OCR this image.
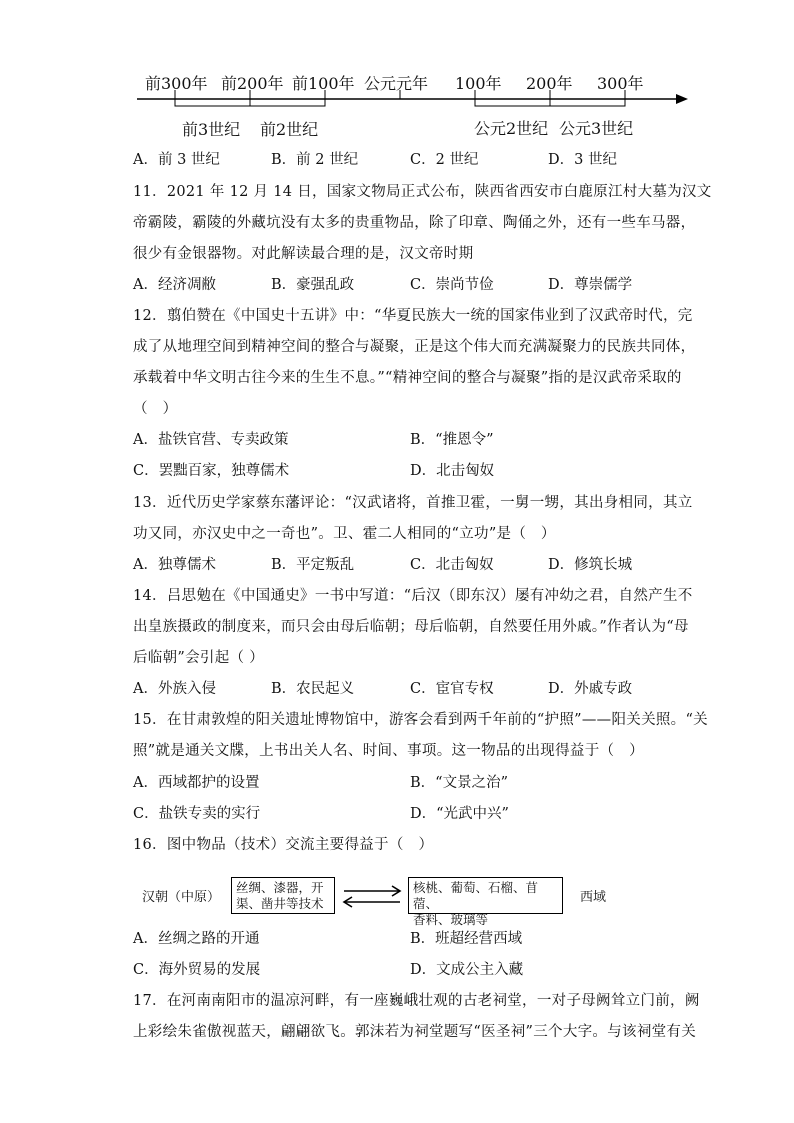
前300年 前200年 前100年 公元元年 100年 200年 300年
前3世纪 前2世纪	公元2世纪 公元3世纪
A．前 3 世纪	B．前 2 世纪	C．2 世纪	D．3 世纪
11．2021 年 12 月 14 日，国家文物局正式公布，陕西省西安市白鹿原江村大墓为汉文
帝霸陵，霸陵的外藏坑没有太多的贵重物品，除了印章、陶俑之外，还有一些车马器，
很少有金银器物。对此解读最合理的是，汉文帝时期
A．经济凋敝	B．豪强乱政	C．崇尚节俭	D．尊崇儒学
12．翦伯赞在《中国史十五讲》中：“华夏民族大一统的国家伟业到了汉武帝时代，完
成了从地理空间到精神空间的整合与凝聚，正是这个伟大而充满凝聚力的民族共同体，
承载着中华文明古往今来的生生不息。”“精神空间的整合与凝聚”指的是汉武帝采取的
（　）
A．盐铁官营、专卖政策	B．“推恩令”
C．罢黜百家，独尊儒术	D．北击匈奴
13．近代历史学家蔡东藩评论：“汉武诸将，首推卫霍，一舅一甥，其出身相同，其立
功又同，亦汉史中之一奇也”。卫、霍二人相同的“立功”是（　）
A．独尊儒术	B．平定叛乱	C．北击匈奴	D．修筑长城
14．吕思勉在《中国通史》一书中写道：“后汉（即东汉）屡有冲幼之君，自然产生不
出皇族摄政的制度来，而只会由母后临朝；母后临朝，自然要任用外戚。”作者认为“母
后临朝”会引起（ ）
A．外族入侵	B．农民起义	C．宦官专权	D．外戚专政
15．在甘肃敦煌的阳关遗址博物馆中，游客会看到两千年前的“护照”——阳关关照。“关
照”就是通关文牒，上书出关人名、时间、事项。这一物品的出现得益于（　）
A．西域都护的设置	B．“文景之治”
C．盐铁专卖的实行	D．“光武中兴”
16．图中物品（技术）交流主要得益于（　）
汉朝（中原）
丝绸、漆器，开
渠、凿井等技术
核桃、葡萄、石榴、苜蓿、
香料、玻璃等
西域
A．丝绸之路的开通	B．班超经营西域
C．海外贸易的发展	D．文成公主入藏
17．在河南南阳市的温凉河畔，有一座巍峨壮观的古老祠堂，一对子母阙耸立门前，阙
上彩绘朱雀傲视蓝天，翩翩欲飞。郭沫若为祠堂题写“医圣祠”三个大字。与该祠堂有关
